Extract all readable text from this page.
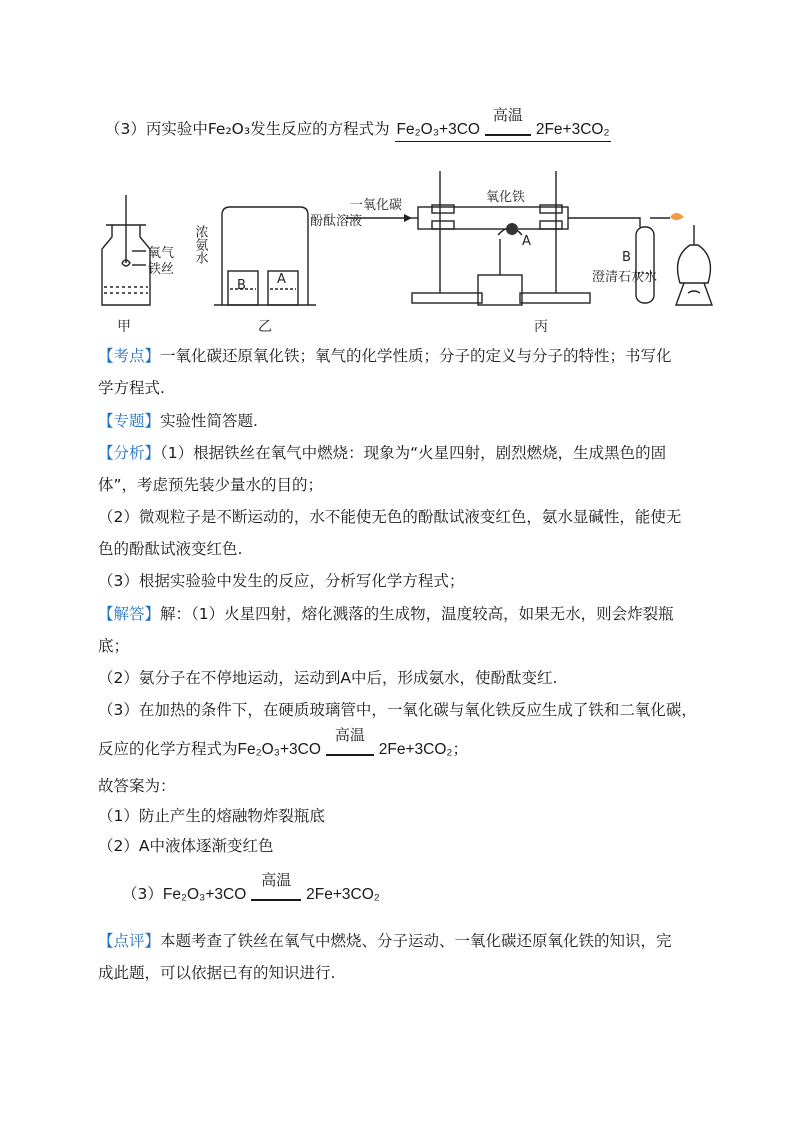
（3）丙实验中Fe₂O₃发生反应的方程式为 Fe₂O₃+3CO
高温
2Fe+3CO₂
甲
氧气
铁丝
乙
浓氨水
酚酞溶液
B A
丙
一氧化碳
氧化铁
A
B
澄清石灰水
【考点】一氧化碳还原氧化铁；氧气的化学性质；分子的定义与分子的特性；书写化
学方程式.
【专题】实验性简答题.
【分析】（1）根据铁丝在氧气中燃烧：现象为“火星四射，剧烈燃烧，生成黑色的固
体”，考虑预先装少量水的目的；
（2）微观粒子是不断运动的，水不能使无色的酚酞试液变红色，氨水显碱性，能使无
色的酚酞试液变红色.
（3）根据实验验中发生的反应，分析写化学方程式；
【解答】解：（1）火星四射，熔化溅落的生成物，温度较高，如果无水，则会炸裂瓶
底；
（2）氨分子在不停地运动，运动到A中后，形成氨水，使酚酞变红.
（3）在加热的条件下，在硬质玻璃管中，一氧化碳与氧化铁反应生成了铁和二氧化碳，
反应的化学方程式为Fe₂O₃+3CO
高温
2Fe+3CO₂；
故答案为：
（1）防止产生的熔融物炸裂瓶底
（2）A中液体逐渐变红色
（3）Fe₂O₃+3CO
高温
2Fe+3CO₂
【点评】本题考查了铁丝在氧气中燃烧、分子运动、一氧化碳还原氧化铁的知识，完
成此题，可以依据已有的知识进行.
